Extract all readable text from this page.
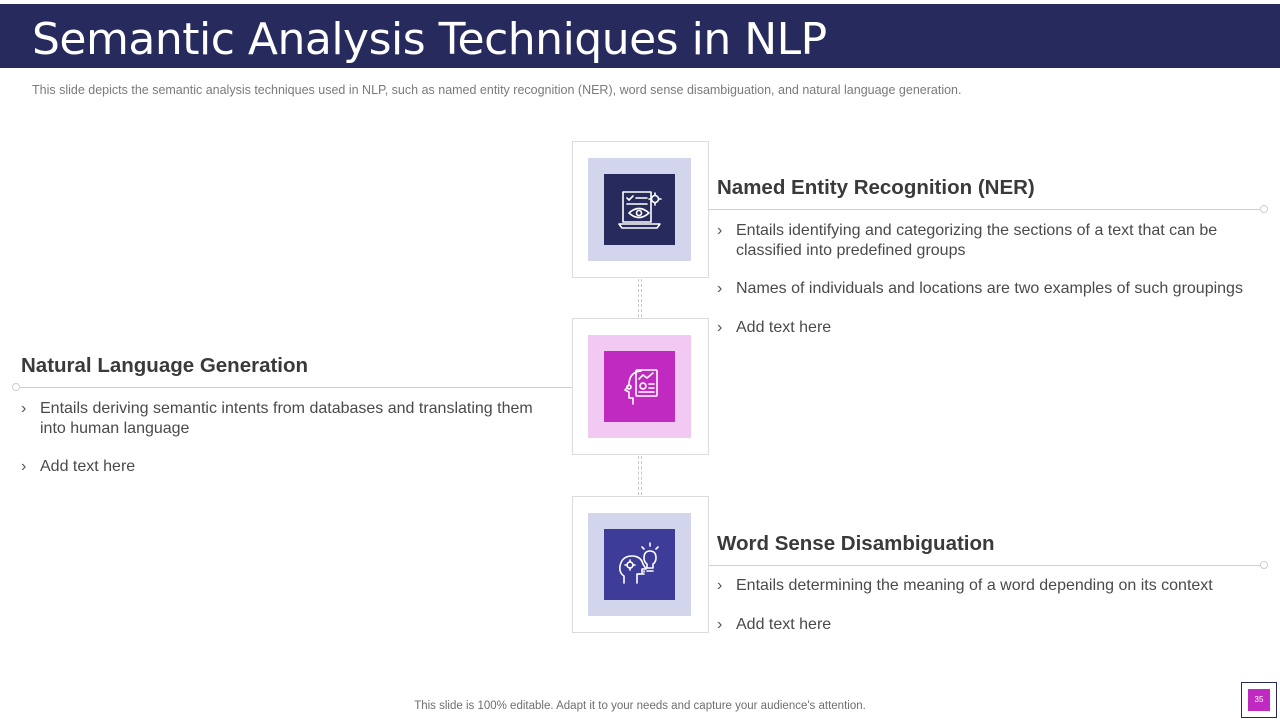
Semantic Analysis Techniques in NLP
This slide depicts the semantic analysis techniques used in NLP, such as named entity recognition (NER), word sense disambiguation, and natural language generation.
Named Entity Recognition (NER)
› Entails identifying and categorizing the sections of a text that can be classified into predefined groups
› Names of individuals and locations are two examples of such groupings
› Add text here
Natural Language Generation
› Entails deriving semantic intents from databases and translating them into human language
› Add text here
Word Sense Disambiguation
› Entails determining the meaning of a word depending on its context
› Add text here
This slide is 100% editable. Adapt it to your needs and capture your audience's attention.
35
